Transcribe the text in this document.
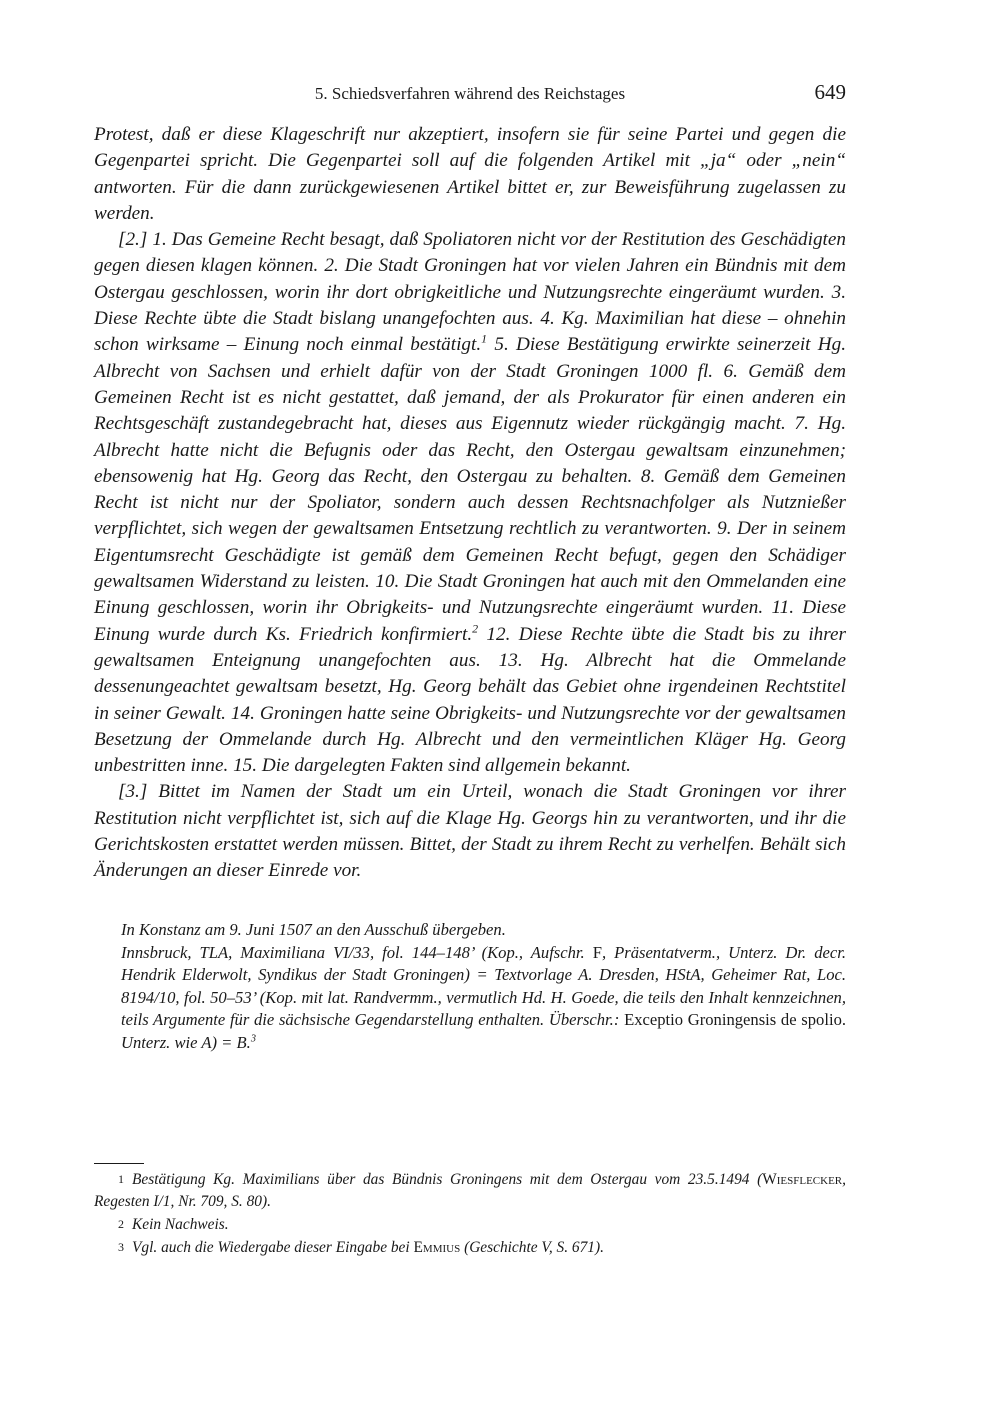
5. Schiedsverfahren während des Reichstages	649

Protest, daß er diese Klageschrift nur akzeptiert, insofern sie für seine Partei und gegen die Gegenpartei spricht. Die Gegenpartei soll auf die folgenden Artikel mit „ja“ oder „nein“ antworten. Für die dann zurückgewiesenen Artikel bittet er, zur Beweisführung zugelassen zu werden.

[2.] 1. Das Gemeine Recht besagt, daß Spoliatoren nicht vor der Restitution des Geschädigten gegen diesen klagen können. 2. Die Stadt Groningen hat vor vielen Jahren ein Bündnis mit dem Ostergau geschlossen, worin ihr dort obrigkeitliche und Nutzungsrechte eingeräumt wurden. 3. Diese Rechte übte die Stadt bislang unangefochten aus. 4. Kg. Maximilian hat diese – ohnehin schon wirksame – Einung noch einmal bestätigt.$^1$ 5. Diese Bestätigung erwirkte seinerzeit Hg. Albrecht von Sachsen und erhielt dafür von der Stadt Groningen 1000 fl. 6. Gemäß dem Gemeinen Recht ist es nicht gestattet, daß jemand, der als Prokurator für einen anderen ein Rechtsgeschäft zustandegebracht hat, dieses aus Eigennutz wieder rückgängig macht. 7. Hg. Albrecht hatte nicht die Befugnis oder das Recht, den Ostergau gewaltsam einzunehmen; ebensowenig hat Hg. Georg das Recht, den Ostergau zu behalten. 8. Gemäß dem Gemeinen Recht ist nicht nur der Spoliator, sondern auch dessen Rechtsnachfolger als Nutznießer verpflichtet, sich wegen der gewaltsamen Entsetzung rechtlich zu verantworten. 9. Der in seinem Eigentumsrecht Geschädigte ist gemäß dem Gemeinen Recht befugt, gegen den Schädiger gewaltsamen Widerstand zu leisten. 10. Die Stadt Groningen hat auch mit den Ommelanden eine Einung geschlossen, worin ihr Obrigkeits- und Nutzungsrechte eingeräumt wurden. 11. Diese Einung wurde durch Ks. Friedrich konfirmiert.$^2$ 12. Diese Rechte übte die Stadt bis zu ihrer gewaltsamen Enteignung unangefochten aus. 13. Hg. Albrecht hat die Ommelande dessenungeachtet gewaltsam besetzt, Hg. Georg behält das Gebiet ohne irgendeinen Rechtstitel in seiner Gewalt. 14. Groningen hatte seine Obrigkeits- und Nutzungsrechte vor der gewaltsamen Besetzung der Ommelande durch Hg. Albrecht und den vermeintlichen Kläger Hg. Georg unbestritten inne. 15. Die dargelegten Fakten sind allgemein bekannt.

[3.] Bittet im Namen der Stadt um ein Urteil, wonach die Stadt Groningen vor ihrer Restitution nicht verpflichtet ist, sich auf die Klage Hg. Georgs hin zu verantworten, und ihr die Gerichtskosten erstattet werden müssen. Bittet, der Stadt zu ihrem Recht zu verhelfen. Behält sich Änderungen an dieser Einrede vor.

In Konstanz am 9. Juni 1507 an den Ausschuß übergeben.

Innsbruck, TLA, Maximiliana VI/33, fol. 144–148’ (Kop., Aufschr. F, Präsentatverm., Unterz. Dr. decr. Hendrik Elderwolt, Syndikus der Stadt Groningen) = Textvorlage A. Dresden, HStA, Geheimer Rat, Loc. 8194/10, fol. 50–53’ (Kop. mit lat. Randvermm., vermutlich Hd. H. Goede, die teils den Inhalt kennzeichnen, teils Argumente für die sächsische Gegendarstellung enthalten. Überschr.: Exceptio Groningensis de spolio. Unterz. wie A) = B.$^3$

1 Bestätigung Kg. Maximilians über das Bündnis Groningens mit dem Ostergau vom 23.5.1494 (Wiesflecker, Regesten I/1, Nr. 709, S. 80).

2 Kein Nachweis.

3 Vgl. auch die Wiedergabe dieser Eingabe bei Emmius (Geschichte V, S. 671).
